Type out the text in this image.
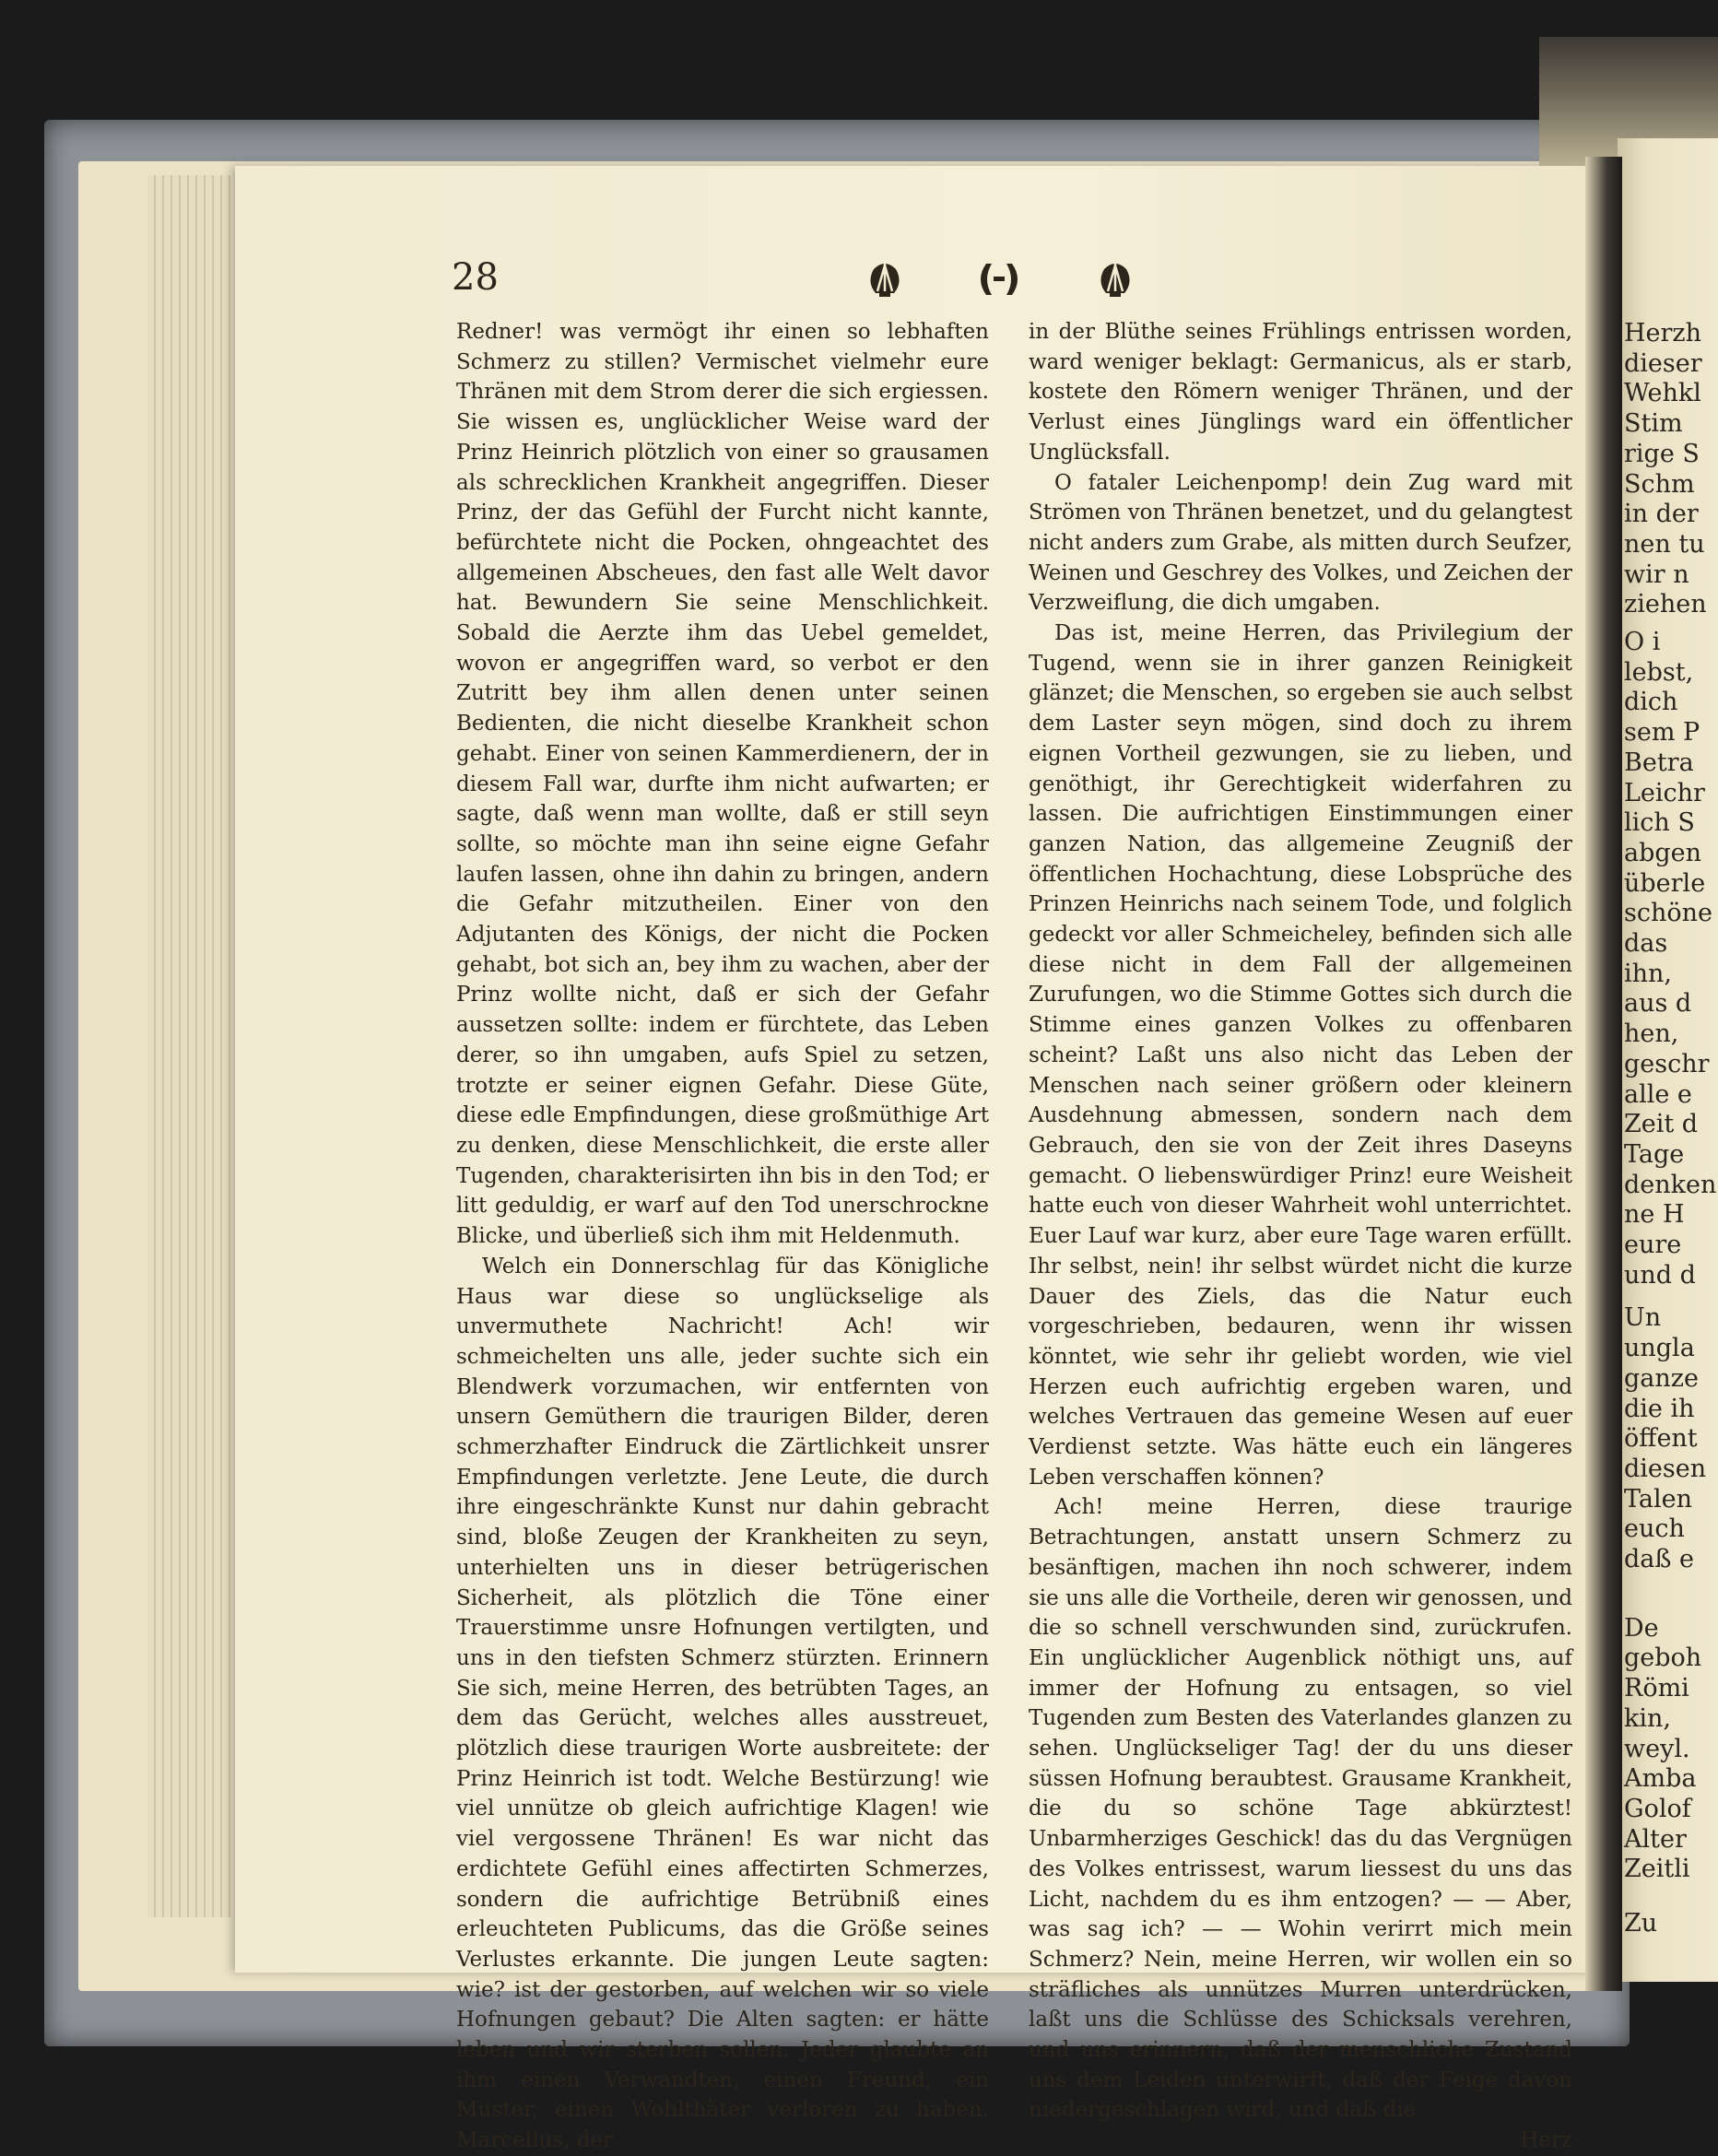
Herzh
dieser
Wehkl
Stim
rige S
Schm
in der
nen tu
wir n
ziehen
O i
lebst,
dich
sem P
Betra
Leichr
lich S
abgen
überle
schöne
das
ihn,
aus d
hen,
geschr
alle e
Zeit d
Tage
denken
ne H
eure
und d
Un
ungla
ganze
die ih
öffent
diesen
Talen
euch
daß e
De
geboh
Römi
kin,
weyl.
Amba
Golof
Alter
Zeitli
Zu
28

Redner! was vermögt ihr einen so lebhaften Schmerz zu stillen? Vermischet vielmehr eure Thränen mit dem Strom derer die sich ergiessen. Sie wissen es, unglücklicher Weise ward der Prinz Heinrich plötzlich von einer so grausamen als schrecklichen Krankheit angegriffen. Dieser Prinz, der das Gefühl der Furcht nicht kannte, befürchtete nicht die Pocken, ohngeachtet des allgemeinen Abscheues, den fast alle Welt davor hat. Bewundern Sie seine Menschlichkeit. Sobald die Aerzte ihm das Uebel gemeldet, wovon er angegriffen ward, so verbot er den Zutritt bey ihm allen denen unter seinen Bedienten, die nicht dieselbe Krankheit schon gehabt. Einer von seinen Kammerdienern, der in diesem Fall war, durfte ihm nicht aufwarten; er sagte, daß wenn man wollte, daß er still seyn sollte, so möchte man ihn seine eigne Gefahr laufen lassen, ohne ihn dahin zu bringen, andern die Gefahr mitzutheilen. Einer von den Adjutanten des Königs, der nicht die Pocken gehabt, bot sich an, bey ihm zu wachen, aber der Prinz wollte nicht, daß er sich der Gefahr aussetzen sollte: indem er fürchtete, das Leben derer, so ihn umgaben, aufs Spiel zu setzen, trotzte er seiner eignen Gefahr. Diese Güte, diese edle Empfindungen, diese großmüthige Art zu denken, diese Menschlichkeit, die erste aller Tugenden, charakterisirten ihn bis in den Tod; er litt geduldig, er warf auf den Tod unerschrockne Blicke, und überließ sich ihm mit Heldenmuth.

Welch ein Donnerschlag für das Königliche Haus war diese so unglückselige als unvermuthete Nachricht! Ach! wir schmeichelten uns alle, jeder suchte sich ein Blendwerk vorzumachen, wir entfernten von unsern Gemüthern die traurigen Bilder, deren schmerzhafter Eindruck die Zärtlichkeit unsrer Empfindungen verletzte. Jene Leute, die durch ihre eingeschränkte Kunst nur dahin gebracht sind, bloße Zeugen der Krankheiten zu seyn, unterhielten uns in dieser betrügerischen Sicherheit, als plötzlich die Töne einer Trauerstimme unsre Hofnungen vertilgten, und uns in den tiefsten Schmerz stürzten. Erinnern Sie sich, meine Herren, des betrübten Tages, an dem das Gerücht, welches alles ausstreuet, plötzlich diese traurigen Worte ausbreitete: der Prinz Heinrich ist todt. Welche Bestürzung! wie viel unnütze ob gleich aufrichtige Klagen! wie viel vergossene Thränen! Es war nicht das erdichtete Gefühl eines affectirten Schmerzes, sondern die aufrichtige Betrübniß eines erleuchteten Publicums, das die Größe seines Verlustes erkannte. Die jungen Leute sagten: wie? ist der gestorben, auf welchen wir so viele Hofnungen gebaut? Die Alten sagten: er hätte leben und wir sterben sollen. Jeder glaubte an ihm einen Verwandten, einen Freund, ein Muster, einen Wohlthäter verloren zu haben. Marcellus, der

in der Blüthe seines Frühlings entrissen worden, ward weniger beklagt: Germanicus, als er starb, kostete den Römern weniger Thränen, und der Verlust eines Jünglings ward ein öffentlicher Unglücksfall.

O fataler Leichenpomp! dein Zug ward mit Strömen von Thränen benetzet, und du gelangtest nicht anders zum Grabe, als mitten durch Seufzer, Weinen und Geschrey des Volkes, und Zeichen der Verzweiflung, die dich umgaben.

Das ist, meine Herren, das Privilegium der Tugend, wenn sie in ihrer ganzen Reinigkeit glänzet; die Menschen, so ergeben sie auch selbst dem Laster seyn mögen, sind doch zu ihrem eignen Vortheil gezwungen, sie zu lieben, und genöthigt, ihr Gerechtigkeit widerfahren zu lassen. Die aufrichtigen Einstimmungen einer ganzen Nation, das allgemeine Zeugniß der öffentlichen Hochachtung, diese Lobsprüche des Prinzen Heinrichs nach seinem Tode, und folglich gedeckt vor aller Schmeicheley, befinden sich alle diese nicht in dem Fall der allgemeinen Zurufungen, wo die Stimme Gottes sich durch die Stimme eines ganzen Volkes zu offenbaren scheint? Laßt uns also nicht das Leben der Menschen nach seiner größern oder kleinern Ausdehnung abmessen, sondern nach dem Gebrauch, den sie von der Zeit ihres Daseyns gemacht. O liebenswürdiger Prinz! eure Weisheit hatte euch von dieser Wahrheit wohl unterrichtet. Euer Lauf war kurz, aber eure Tage waren erfüllt. Ihr selbst, nein! ihr selbst würdet nicht die kurze Dauer des Ziels, das die Natur euch vorgeschrieben, bedauren, wenn ihr wissen könntet, wie sehr ihr geliebt worden, wie viel Herzen euch aufrichtig ergeben waren, und welches Vertrauen das gemeine Wesen auf euer Verdienst setzte. Was hätte euch ein längeres Leben verschaffen können?

Ach! meine Herren, diese traurige Betrachtungen, anstatt unsern Schmerz zu besänftigen, machen ihn noch schwerer, indem sie uns alle die Vortheile, deren wir genossen, und die so schnell verschwunden sind, zurückrufen. Ein unglücklicher Augenblick nöthigt uns, auf immer der Hofnung zu entsagen, so viel Tugenden zum Besten des Vaterlandes glanzen zu sehen. Unglückseliger Tag! der du uns dieser süssen Hofnung beraubtest. Grausame Krankheit, die du so schöne Tage abkürztest! Unbarmherziges Geschick! das du das Vergnügen des Volkes entrissest, warum liessest du uns das Licht, nachdem du es ihm entzogen? — — Aber, was sag ich? — — Wohin verirrt mich mein Schmerz? Nein, meine Herren, wir wollen ein so sträfliches als unnützes Murren unterdrücken, laßt uns die Schlüsse des Schicksals verehren, und uns erinnern, daß der menschliche Zustand uns dem Leiden unterwirft, daß der Feige davon niedergeschlagen wird, und daß die

Herz
